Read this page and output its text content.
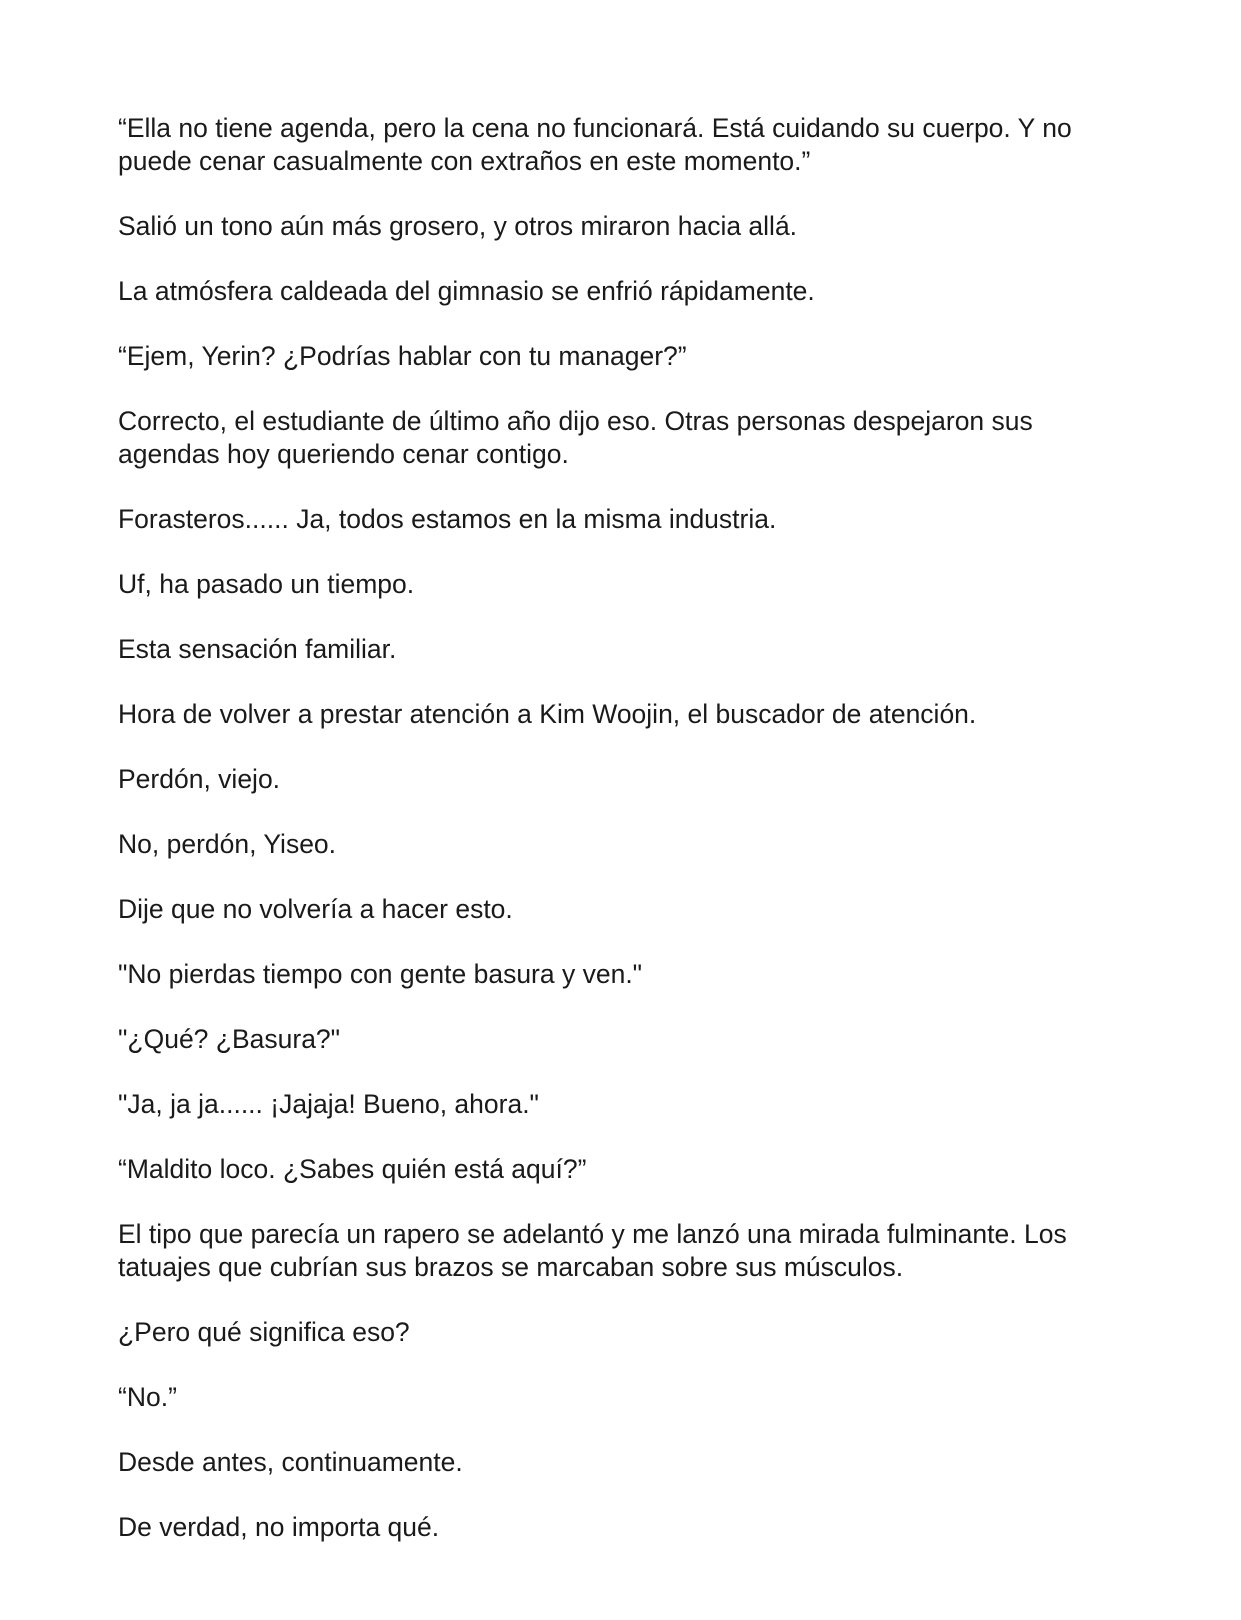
“Ella no tiene agenda, pero la cena no funcionará. Está cuidando su cuerpo. Y no puede cenar casualmente con extraños en este momento.”

Salió un tono aún más grosero, y otros miraron hacia allá.

La atmósfera caldeada del gimnasio se enfrió rápidamente.

“Ejem, Yerin? ¿Podrías hablar con tu manager?”

Correcto, el estudiante de último año dijo eso. Otras personas despejaron sus agendas hoy queriendo cenar contigo.

Forasteros...... Ja, todos estamos en la misma industria.

Uf, ha pasado un tiempo.

Esta sensación familiar.

Hora de volver a prestar atención a Kim Woojin, el buscador de atención.

Perdón, viejo.

No, perdón, Yiseo.

Dije que no volvería a hacer esto.

"No pierdas tiempo con gente basura y ven."

"¿Qué? ¿Basura?"

"Ja, ja ja...... ¡Jajaja! Bueno, ahora."

“Maldito loco. ¿Sabes quién está aquí?”

El tipo que parecía un rapero se adelantó y me lanzó una mirada fulminante. Los tatuajes que cubrían sus brazos se marcaban sobre sus músculos.

¿Pero qué significa eso?

“No.”

Desde antes, continuamente.

De verdad, no importa qué.
